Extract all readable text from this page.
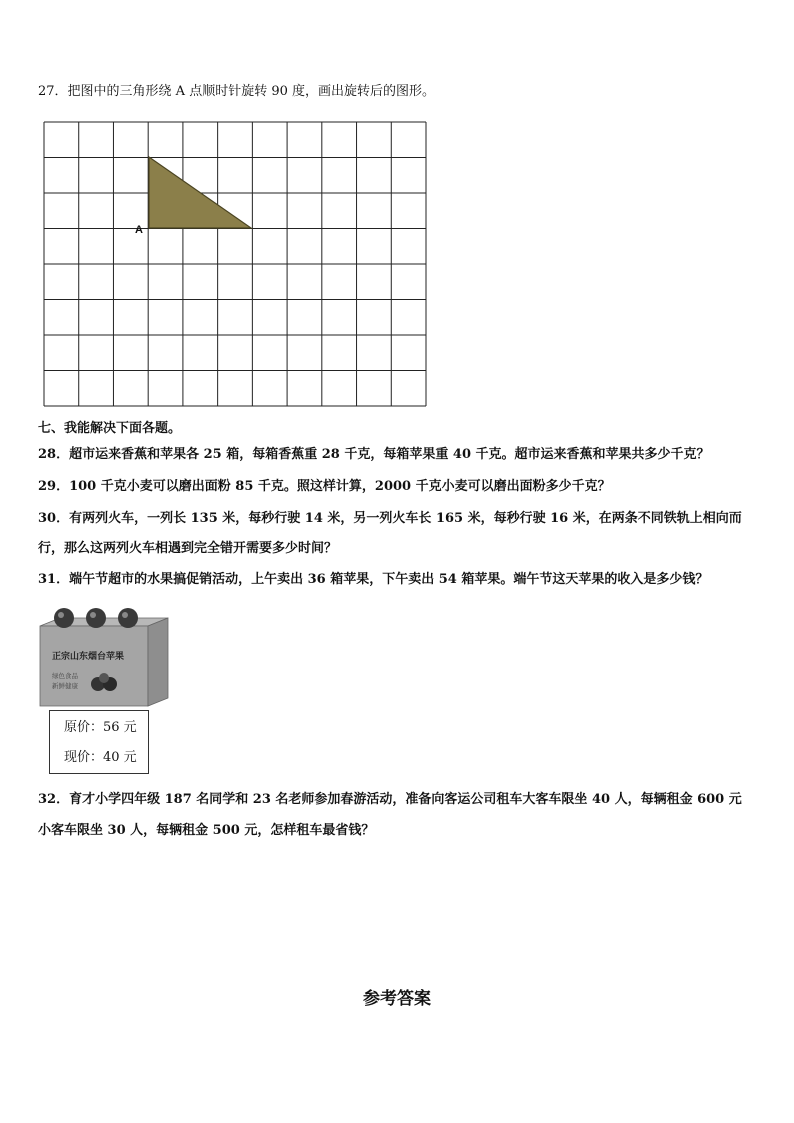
27．把图中的三角形绕 A 点顺时针旋转 90 度，画出旋转后的图形。
A
七、我能解决下面各题。
28．超市运来香蕉和苹果各 25 箱，每箱香蕉重 28 千克，每箱苹果重 40 千克。超市运来香蕉和苹果共多少千克？
29．100 千克小麦可以磨出面粉 85 千克。照这样计算，2000 千克小麦可以磨出面粉多少千克？
30．有两列火车，一列长 135 米，每秒行驶 14 米，另一列火车长 165 米，每秒行驶 16 米，在两条不同铁轨上相向而
行，那么这两列火车相遇到完全错开需要多少时间？
31．端午节超市的水果搞促销活动，上午卖出 36 箱苹果，下午卖出 54 箱苹果。端午节这天苹果的收入是多少钱？
正宗山东烟台苹果
绿色食品
新鲜健康
原价：56 元
现价：40 元
32．育才小学四年级 187 名同学和 23 名老师参加春游活动，准备向客运公司租车大客车限坐 40 人，每辆租金 600 元
小客车限坐 30 人，每辆租金 500 元，怎样租车最省钱？
参考答案
